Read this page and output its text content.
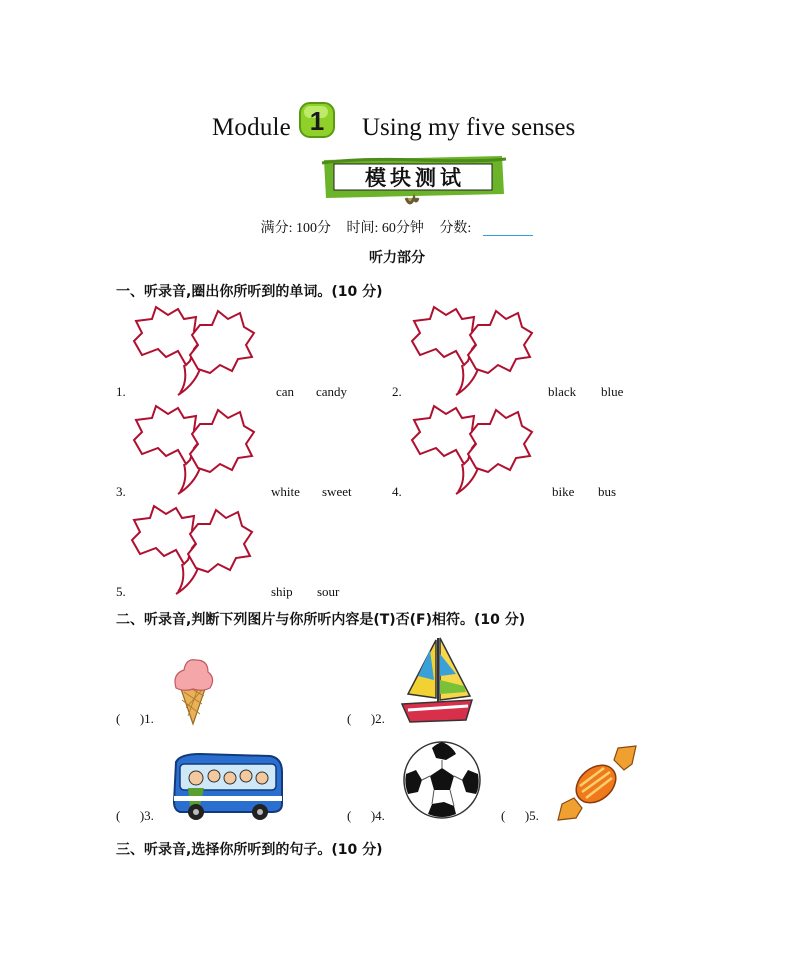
Module 1 Using my five senses
模块测试
满分: 100分 时间: 60分钟 分数:
听力部分
一、听录音,圈出你所听到的单词。(10 分)
1.	can candy	2.	black blue
3.	white sweet	4.	bike bus
5.	ship sour
二、听录音,判断下列图片与你所听内容是(T)否(F)相符。(10 分)
(      )1.	(      )2.
(      )3.	(      )4.	(      )5.
三、听录音,选择你所听到的句子。(10 分)
